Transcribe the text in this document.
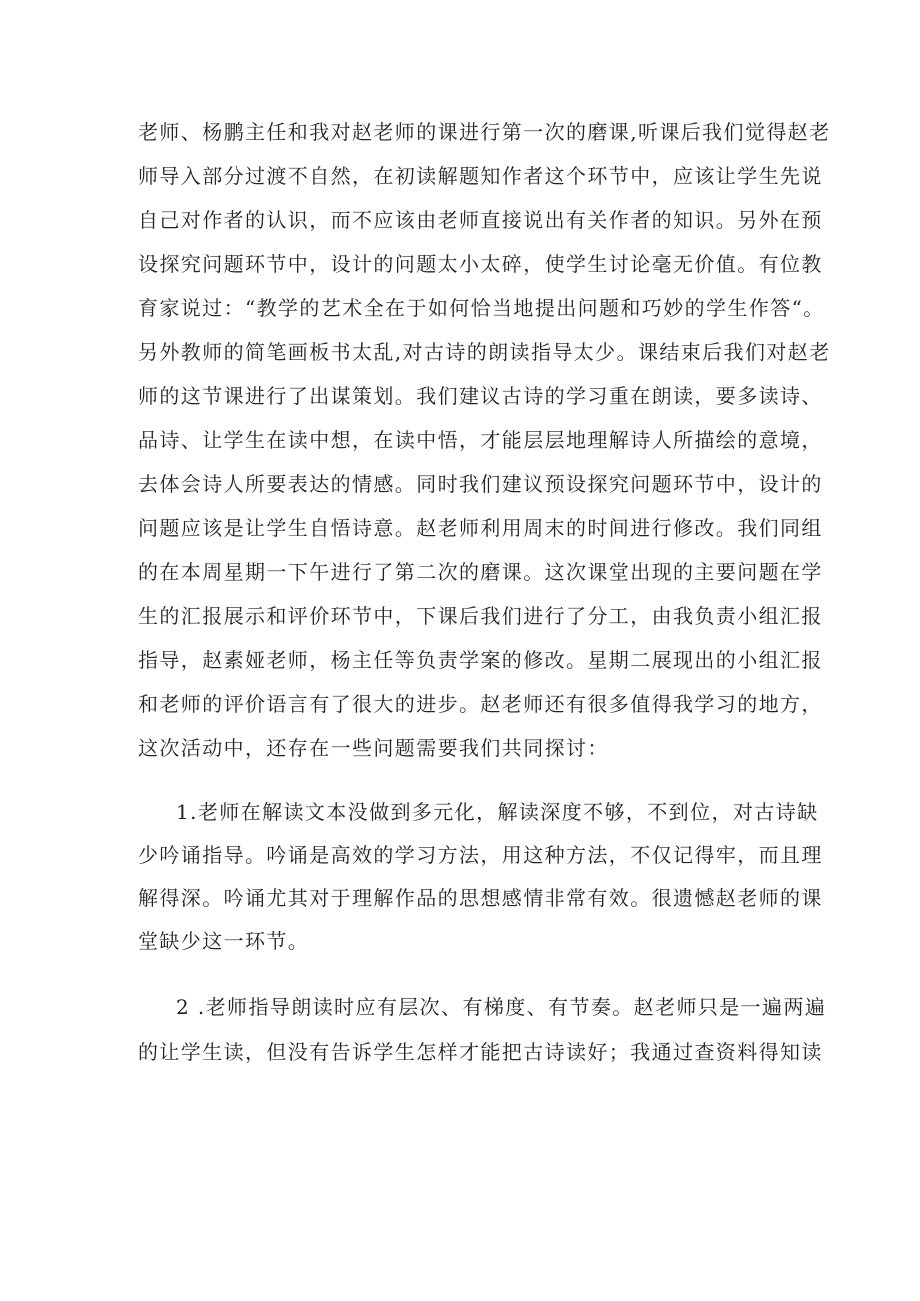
老师、杨鹏主任和我对赵老师的课进行第一次的磨课,听课后我们觉得赵老
师导入部分过渡不自然，在初读解题知作者这个环节中，应该让学生先说
自己对作者的认识，而不应该由老师直接说出有关作者的知识。另外在预
设探究问题环节中，设计的问题太小太碎，使学生讨论毫无价值。有位教
育家说过：“教学的艺术全在于如何恰当地提出问题和巧妙的学生作答“。
另外教师的简笔画板书太乱,对古诗的朗读指导太少。课结束后我们对赵老
师的这节课进行了出谋策划。我们建议古诗的学习重在朗读，要多读诗、
品诗、让学生在读中想，在读中悟，才能层层地理解诗人所描绘的意境，
去体会诗人所要表达的情感。同时我们建议预设探究问题环节中，设计的
问题应该是让学生自悟诗意。赵老师利用周末的时间进行修改。我们同组
的在本周星期一下午进行了第二次的磨课。这次课堂出现的主要问题在学
生的汇报展示和评价环节中，下课后我们进行了分工，由我负责小组汇报
指导，赵素娅老师，杨主任等负责学案的修改。星期二展现出的小组汇报
和老师的评价语言有了很大的进步。赵老师还有很多值得我学习的地方，
这次活动中，还存在一些问题需要我们共同探讨：
1.老师在解读文本没做到多元化，解读深度不够，不到位，对古诗缺
少吟诵指导。吟诵是高效的学习方法，用这种方法，不仅记得牢，而且理
解得深。吟诵尤其对于理解作品的思想感情非常有效。很遗憾赵老师的课
堂缺少这一环节。
2 .老师指导朗读时应有层次、有梯度、有节奏。赵老师只是一遍两遍
的让学生读，但没有告诉学生怎样才能把古诗读好；我通过查资料得知读
